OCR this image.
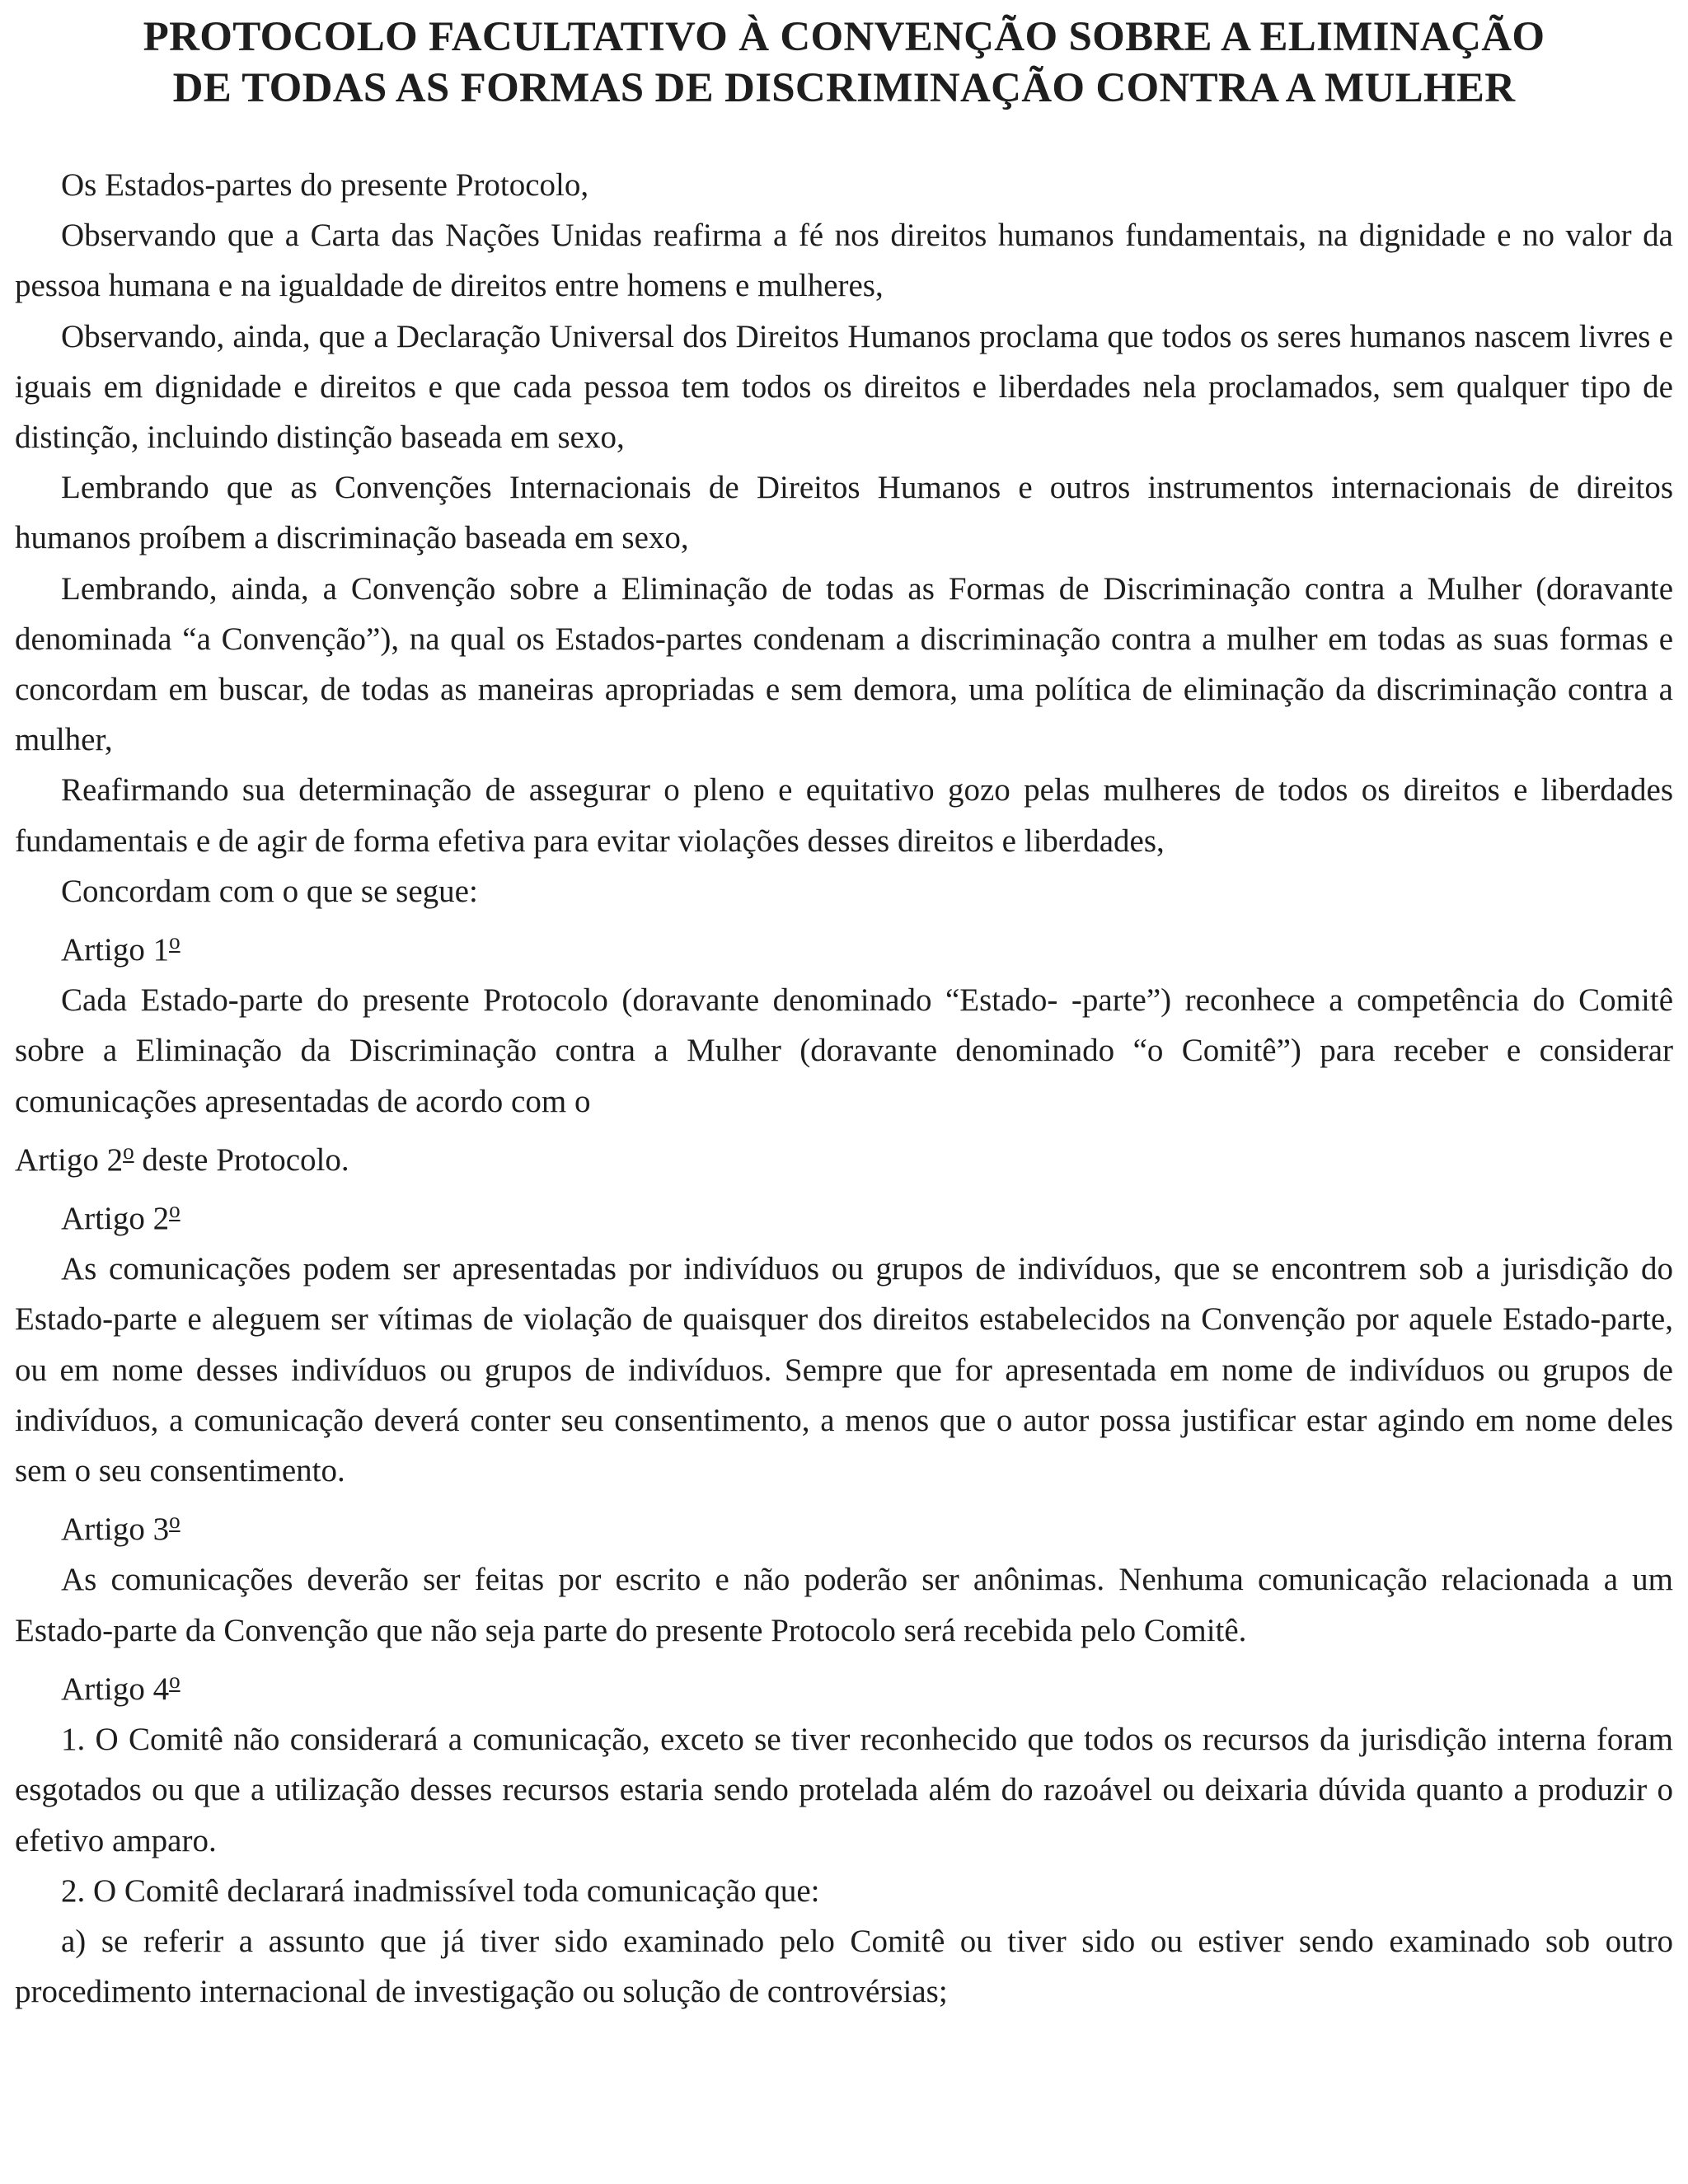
PROTOCOLO FACULTATIVO À CONVENÇÃO SOBRE A ELIMINAÇÃO
DE TODAS AS FORMAS DE DISCRIMINAÇÃO CONTRA A MULHER

Os Estados-partes do presente Protocolo,

Observando que a Carta das Nações Unidas reafirma a fé nos direitos humanos fundamentais, na dignidade e no valor da pessoa humana e na igualdade de direitos entre homens e mulheres,

Observando, ainda, que a Declaração Universal dos Direitos Humanos proclama que todos os seres humanos nascem livres e iguais em dignidade e direitos e que cada pessoa tem todos os direitos e liberdades nela proclamados, sem qualquer tipo de distinção, incluindo distinção baseada em sexo,

Lembrando que as Convenções Internacionais de Direitos Humanos e outros instrumentos internacionais de direitos humanos proíbem a discriminação baseada em sexo,

Lembrando, ainda, a Convenção sobre a Eliminação de todas as Formas de Discriminação contra a Mulher (doravante denominada “a Convenção”), na qual os Estados-partes condenam a discriminação contra a mulher em todas as suas formas e concordam em buscar, de todas as maneiras apropriadas e sem demora, uma política de eliminação da discriminação contra a mulher,

Reafirmando sua determinação de assegurar o pleno e equitativo gozo pelas mulheres de todos os direitos e liberdades fundamentais e de agir de forma efetiva para evitar violações desses direitos e liberdades,

Concordam com o que se segue:

Artigo 1$^o$

Cada Estado-parte do presente Protocolo (doravante denominado “Estado- -parte”) reconhece a competência do Comitê sobre a Eliminação da Discriminação contra a Mulher (doravante denominado “o Comitê”) para receber e considerar comunicações apresentadas de acordo com o
Artigo 2$^o$ deste Protocolo.

Artigo 2$^o$

As comunicações podem ser apresentadas por indivíduos ou grupos de indivíduos, que se encontrem sob a jurisdição do Estado-parte e aleguem ser vítimas de violação de quaisquer dos direitos estabelecidos na Convenção por aquele Estado-parte, ou em nome desses indivíduos ou grupos de indivíduos. Sempre que for apresentada em nome de indivíduos ou grupos de indivíduos, a comunicação deverá conter seu consentimento, a menos que o autor possa justificar estar agindo em nome deles sem o seu consentimento.

Artigo 3$^o$

As comunicações deverão ser feitas por escrito e não poderão ser anônimas. Nenhuma comunicação relacionada a um Estado-parte da Convenção que não seja parte do presente Protocolo será recebida pelo Comitê.

Artigo 4$^o$

1. O Comitê não considerará a comunicação, exceto se tiver reconhecido que todos os recursos da jurisdição interna foram esgotados ou que a utilização desses recursos estaria sendo protelada além do razoável ou deixaria dúvida quanto a produzir o efetivo amparo.

2. O Comitê declarará inadmissível toda comunicação que:

a) se referir a assunto que já tiver sido examinado pelo Comitê ou tiver sido ou estiver sendo examinado sob outro procedimento internacional de investigação ou solução de controvérsias;
